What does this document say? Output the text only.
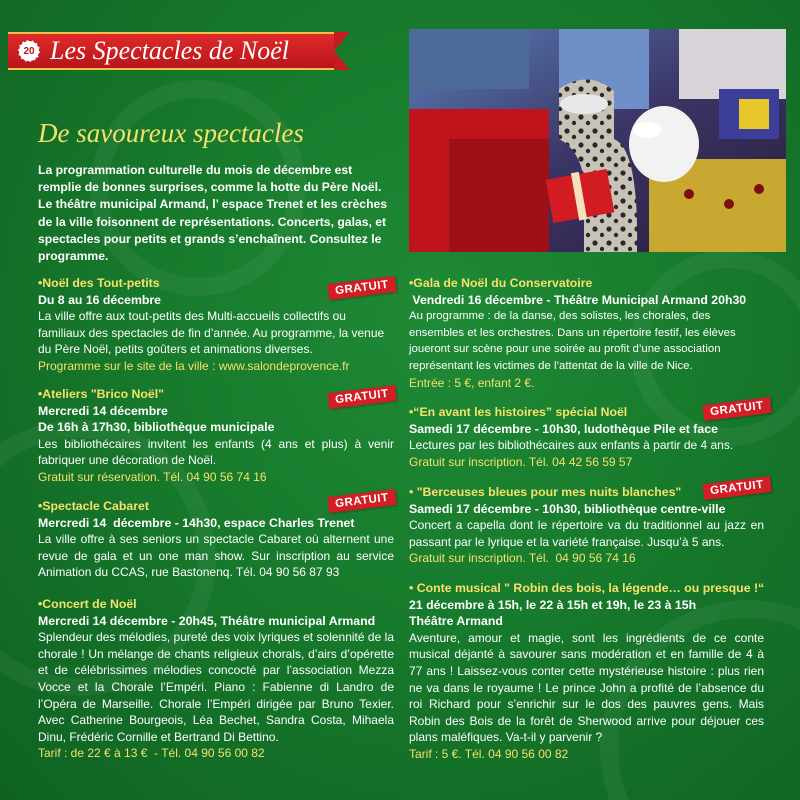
20 Les Spectacles de Noël
De savoureux spectacles

La programmation culturelle du mois de décembre est remplie de bonnes surprises, comme la hotte du Père Noël. Le théâtre municipal Armand, l’ espace Trenet et les crèches de la ville foisonnent de représentations. Concerts, galas, et spectacles pour petits et grands s’enchaînent. Consultez le programme.

•Noël des Tout-petits
Du 8 au 16 décembre

La ville offre aux tout-petits des Multi-accueils collectifs ou familiaux des spectacles de fin d’année. Au programme, la venue du Père Noël, petits goûters et animations diverses.

Programme sur le site de la ville : www.salondeprovence.fr
•Ateliers "Brico Noël"
Mercredi 14 décembre
De 16h à 17h30, bibliothèque municipale

Les bibliothécaires invitent les enfants (4 ans et plus) à venir fabriquer une décoration de Noël.

Gratuit sur réservation. Tél. 04 90 56 74 16
•Spectacle Cabaret
Mercredi 14  décembre - 14h30, espace Charles Trenet

La ville offre à ses seniors un spectacle Cabaret où alternent une revue de gala et un one man show. Sur inscription au service Animation du CCAS, rue Bastonenq. Tél. 04 90 56 87 93

•Concert de Noël
Mercredi 14 décembre - 20h45, Théâtre municipal Armand

Splendeur des mélodies, pureté des voix lyriques et solennité de la chorale ! Un mélange de chants religieux chorals, d’airs d’opérette et de célébrissimes mélodies concocté par l’association Mezza Vocce et la Chorale l’Empéri. Piano : Fabienne di Landro de l’Opéra de Marseille. Chorale l’Empéri dirigée par Bruno Texier. Avec Catherine Bourgeois, Léa Bechet, Sandra Costa, Mihaela Dinu, Frédéric Cornille et Bertrand Di Bettino.

Tarif : de 22 € à 13 €  - Tél. 04 90 56 00 82
GRATUIT
GRATUIT
GRATUIT
•Gala de Noël du Conservatoire
Vendredi 16 décembre - Théâtre Municipal Armand 20h30

Au programme : de la danse, des solistes, les chorales, des ensembles et les orchestres. Dans un répertoire festif, les élèves joueront sur scène pour une soirée au profit d’une association représentant les victimes de l’attentat de la ville de Nice.

Entrée : 5 €, enfant 2 €.
•“En avant les histoires” spécial Noël
Samedi 17 décembre - 10h30, ludothèque Pile et face

Lectures par les bibliothécaires aux enfants à partir de 4 ans.

Gratuit sur inscription. Tél. 04 42 56 59 57
• "Berceuses bleues pour mes nuits blanches"
Samedi 17 décembre - 10h30, bibliothèque centre-ville

Concert a capella dont le répertoire va du traditionnel au jazz en passant par le lyrique et la variété française. Jusqu’à 5 ans.

Gratuit sur inscription. Tél.  04 90 56 74 16
• Conte musical " Robin des bois, la légende… ou presque !“
21 décembre à 15h, le 22 à 15h et 19h, le 23 à 15h
Théâtre Armand

Aventure, amour et magie, sont les ingrédients de ce conte musical déjanté à savourer sans modération et en famille de 4 à 77 ans ! Laissez-vous conter cette mystérieuse histoire : plus rien ne va dans le royaume ! Le prince John a profité de l’absence du roi Richard pour s’enrichir sur le dos des pauvres gens. Mais Robin des Bois de la forêt de Sherwood arrive pour déjouer ces plans maléfiques. Va-t-il y parvenir ?

Tarif : 5 €. Tél. 04 90 56 00 82
GRATUIT
GRATUIT
